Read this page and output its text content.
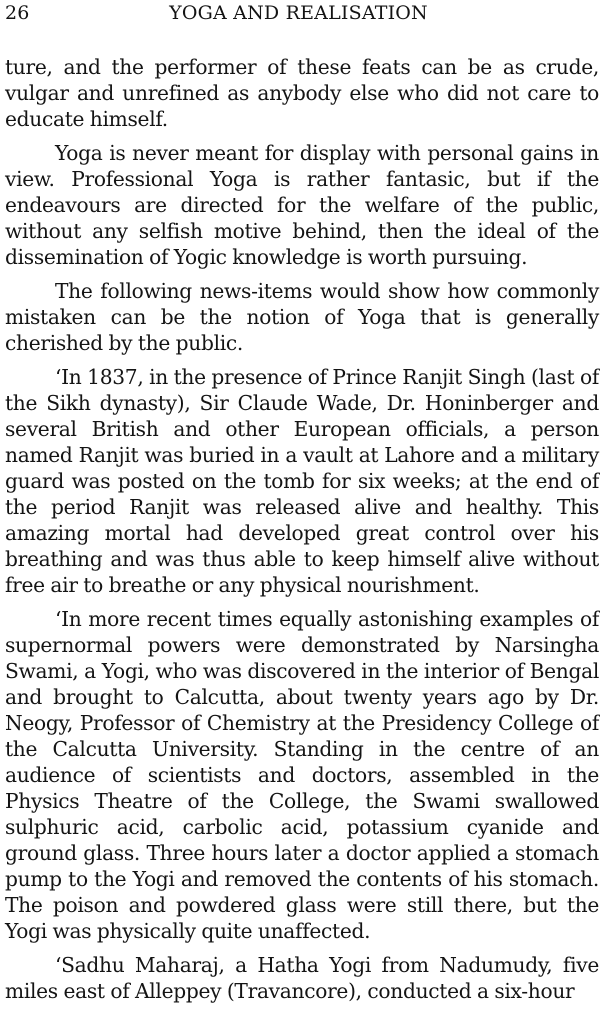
26	YOGA AND REALISATION

ture, and the performer of these feats can be as crude, vulgar and unrefined as anybody else who did not care to educate himself.

Yoga is never meant for display with personal gains in view. Professional Yoga is rather fantasic, but if the endeavours are directed for the welfare of the public, without any selfish motive behind, then the ideal of the dissemination of Yogic knowledge is worth pursuing.

The following news-items would show how commonly mistaken can be the notion of Yoga that is generally cherished by the public.

‘In 1837, in the presence of Prince Ranjit Singh (last of the Sikh dynasty), Sir Claude Wade, Dr. Honinberger and several British and other European officials, a person named Ranjit was buried in a vault at Lahore and a military guard was posted on the tomb for six weeks; at the end of the period Ranjit was released alive and healthy. This amazing mortal had developed great control over his breathing and was thus able to keep himself alive without free air to breathe or any physical nourishment.

‘In more recent times equally astonishing examples of supernormal powers were demonstrated by Narsingha Swami, a Yogi, who was discovered in the interior of Bengal and brought to Calcutta, about twenty years ago by Dr. Neogy, Professor of Chemistry at the Presidency College of the Calcutta University. Standing in the centre of an audience of scientists and doctors, assembled in the Physics Theatre of the College, the Swami swallowed sulphuric acid, carbolic acid, potassium cyanide and ground glass. Three hours later a doctor applied a stomach pump to the Yogi and removed the contents of his stomach. The poison and powdered glass were still there, but the Yogi was physically quite unaffected.

‘Sadhu Maharaj, a Hatha Yogi from Nadumudy, five miles east of Alleppey (Travancore), conducted a six-hour
